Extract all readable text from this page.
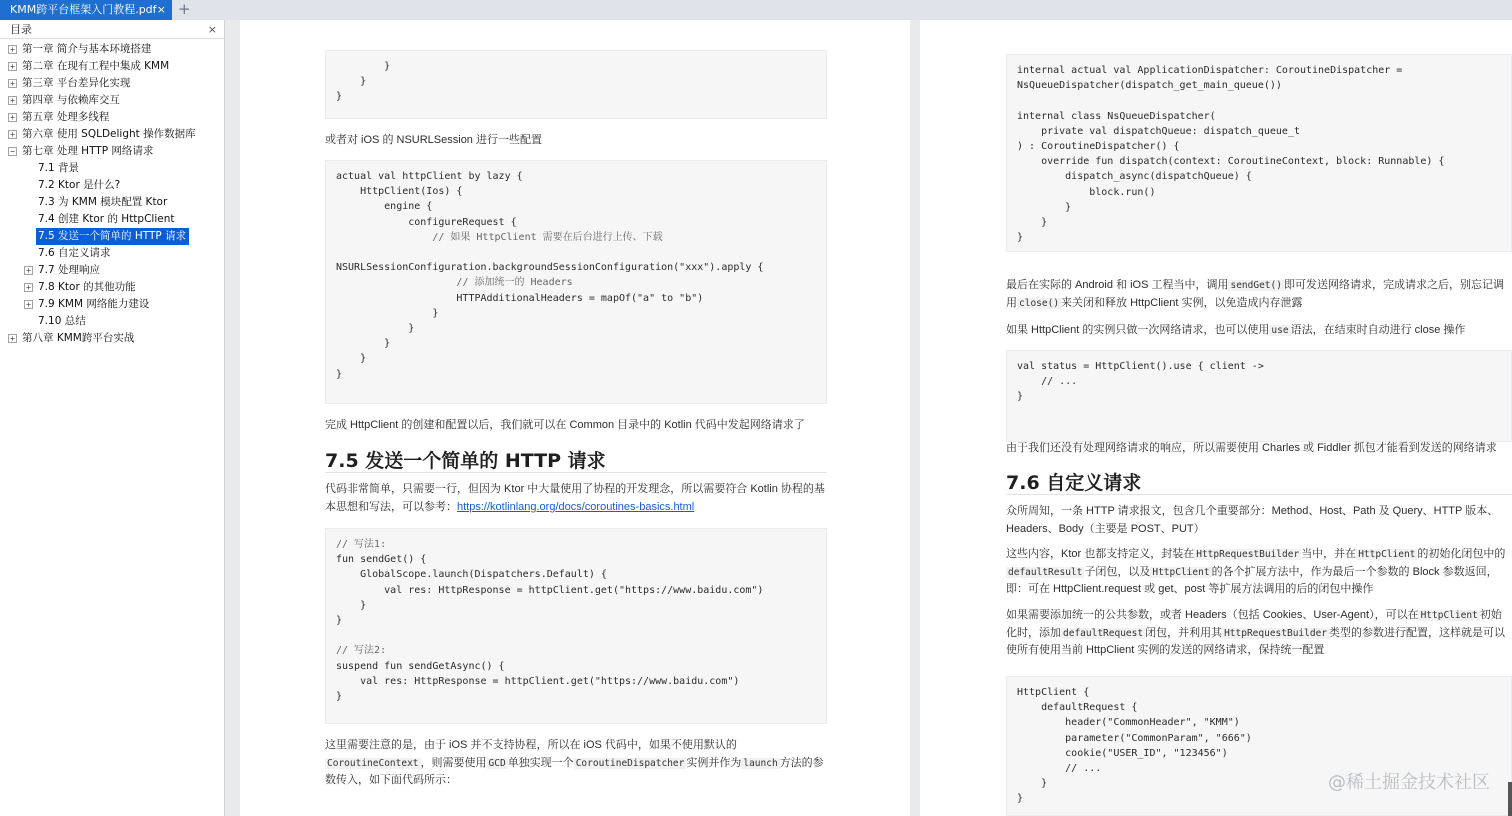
KMM跨平台框架入门教程.pdf × +
目录	×
+ 第一章 简介与基本环境搭建
+ 第二章 在现有工程中集成 KMM
+ 第三章 平台差异化实现
+ 第四章 与依赖库交互
+ 第五章 处理多线程
+ 第六章 使用 SQLDelight 操作数据库
− 第七章 处理 HTTP 网络请求
7.1 背景
7.2 Ktor 是什么?
7.3 为 KMM 模块配置 Ktor
7.4 创建 Ktor 的 HttpClient
7.5 发送一个简单的 HTTP 请求
7.6 自定义请求
+ 7.7 处理响应
+ 7.8 Ktor 的其他功能
+ 7.9 KMM 网络能力建设
7.10 总结
+ 第八章 KMM跨平台实战
}
}
}
或者对 iOS 的 NSURLSession 进行一些配置
actual val httpClient by lazy {
HttpClient(Ios) {
engine {
configureRequest {
// 如果 HttpClient 需要在后台进行上传、下载

NSURLSessionConfiguration.backgroundSessionConfiguration("xxx").apply {
// 添加统一的 Headers
HTTPAdditionalHeaders = mapOf("a" to "b")
}
}
}
}
}
完成 HttpClient 的创建和配置以后，我们就可以在 Common 目录中的 Kotlin 代码中发起网络请求了
7.5 发送一个简单的 HTTP 请求
代码非常简单，只需要一行，但因为 Ktor 中大量使用了协程的开发理念，所以需要符合 Kotlin 协程的基本思想和写法，可以参考：https://kotlinlang.org/docs/coroutines-basics.html
// 写法1:
fun sendGet() {
GlobalScope.launch(Dispatchers.Default) {
val res: HttpResponse = httpClient.get("https://www.baidu.com")
}
}

// 写法2:
suspend fun sendGetAsync() {
val res: HttpResponse = httpClient.get("https://www.baidu.com")
}
这里需要注意的是，由于 iOS 并不支持协程，所以在 iOS 代码中，如果不使用默认的CoroutineContext ，则需要使用 GCD 单独实现一个 CoroutineDispatcher 实例并作为 launch 方法的参数传入，如下面代码所示：
internal actual val ApplicationDispatcher: CoroutineDispatcher =
NsQueueDispatcher(dispatch_get_main_queue())

internal class NsQueueDispatcher(
private val dispatchQueue: dispatch_queue_t
) : CoroutineDispatcher() {
override fun dispatch(context: CoroutineContext, block: Runnable) {
dispatch_async(dispatchQueue) {
block.run()
}
}
}
最后在实际的 Android 和 iOS 工程当中，调用 sendGet() 即可发送网络请求，完成请求之后，别忘记调用 close() 来关闭和释放 HttpClient 实例，以免造成内存泄露
如果 HttpClient 的实例只做一次网络请求，也可以使用 use 语法，在结束时自动进行 close 操作
val status = HttpClient().use { client ->
// ...
}
由于我们还没有处理网络请求的响应，所以需要使用 Charles 或 Fiddler 抓包才能看到发送的网络请求
7.6 自定义请求
众所周知，一条 HTTP 请求报文，包含几个重要部分：Method、Host、Path 及 Query、HTTP 版本、Headers、Body（主要是 POST、PUT）
这些内容，Ktor 也都支持定义，封装在 HttpRequestBuilder 当中，并在 HttpClient 的初始化闭包中的defaultResult 子闭包，以及 HttpClient 的各个扩展方法中，作为最后一个参数的 Block 参数返回，即：可在 HttpClient.request 或 get、post 等扩展方法调用的后的闭包中操作
如果需要添加统一的公共参数，或者 Headers（包括 Cookies、User-Agent），可以在 HttpClient 初始化时，添加 defaultRequest 闭包，并利用其 HttpRequestBuilder 类型的参数进行配置，这样就是可以使所有使用当前 HttpClient 实例的发送的网络请求，保持统一配置
HttpClient {
defaultRequest {
header("CommonHeader", "KMM")
parameter("CommonParam", "666")
cookie("USER_ID", "123456")
// ...
}
}
@稀土掘金技术社区
